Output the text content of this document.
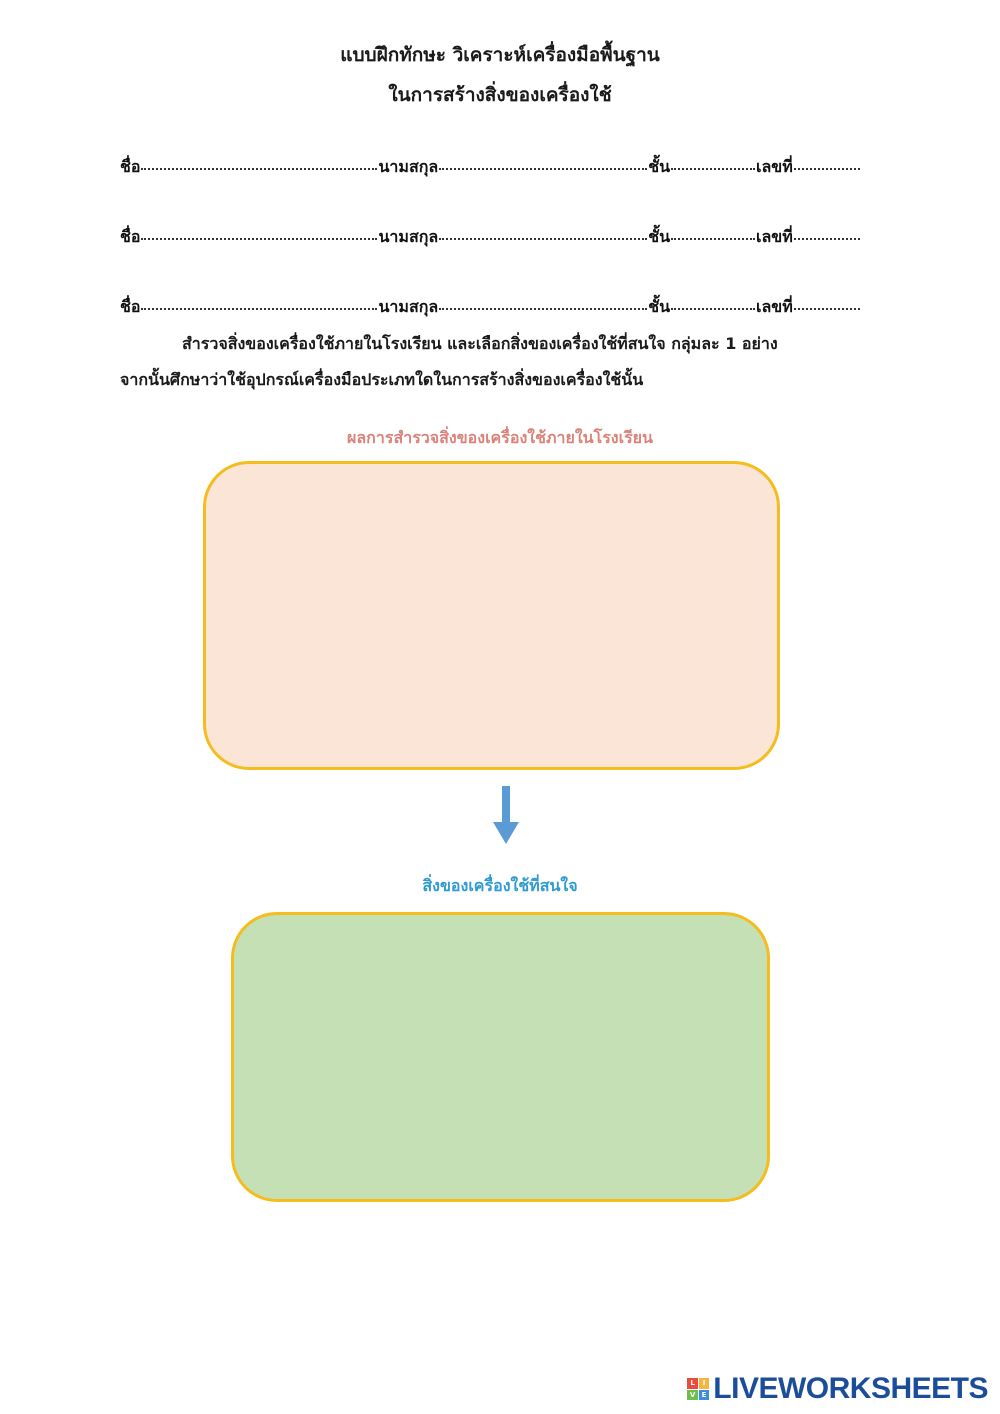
แบบฝึกทักษะ วิเคราะห์เครื่องมือพื้นฐาน
ในการสร้างสิ่งของเครื่องใช้
ชื่อ	นามสกุล	ชั้น	เลขที่
ชื่อ	นามสกุล	ชั้น	เลขที่
ชื่อ	นามสกุล	ชั้น	เลขที่
สำรวจสิ่งของเครื่องใช้ภายในโรงเรียน และเลือกสิ่งของเครื่องใช้ที่สนใจ กลุ่มละ 1 อย่าง
จากนั้นศึกษาว่าใช้อุปกรณ์เครื่องมือประเภทใดในการสร้างสิ่งของเครื่องใช้นั้น
ผลการสำรวจสิ่งของเครื่องใช้ภายในโรงเรียน
สิ่งของเครื่องใช้ที่สนใจ
L	I
V E LIVEWORKSHEETS
